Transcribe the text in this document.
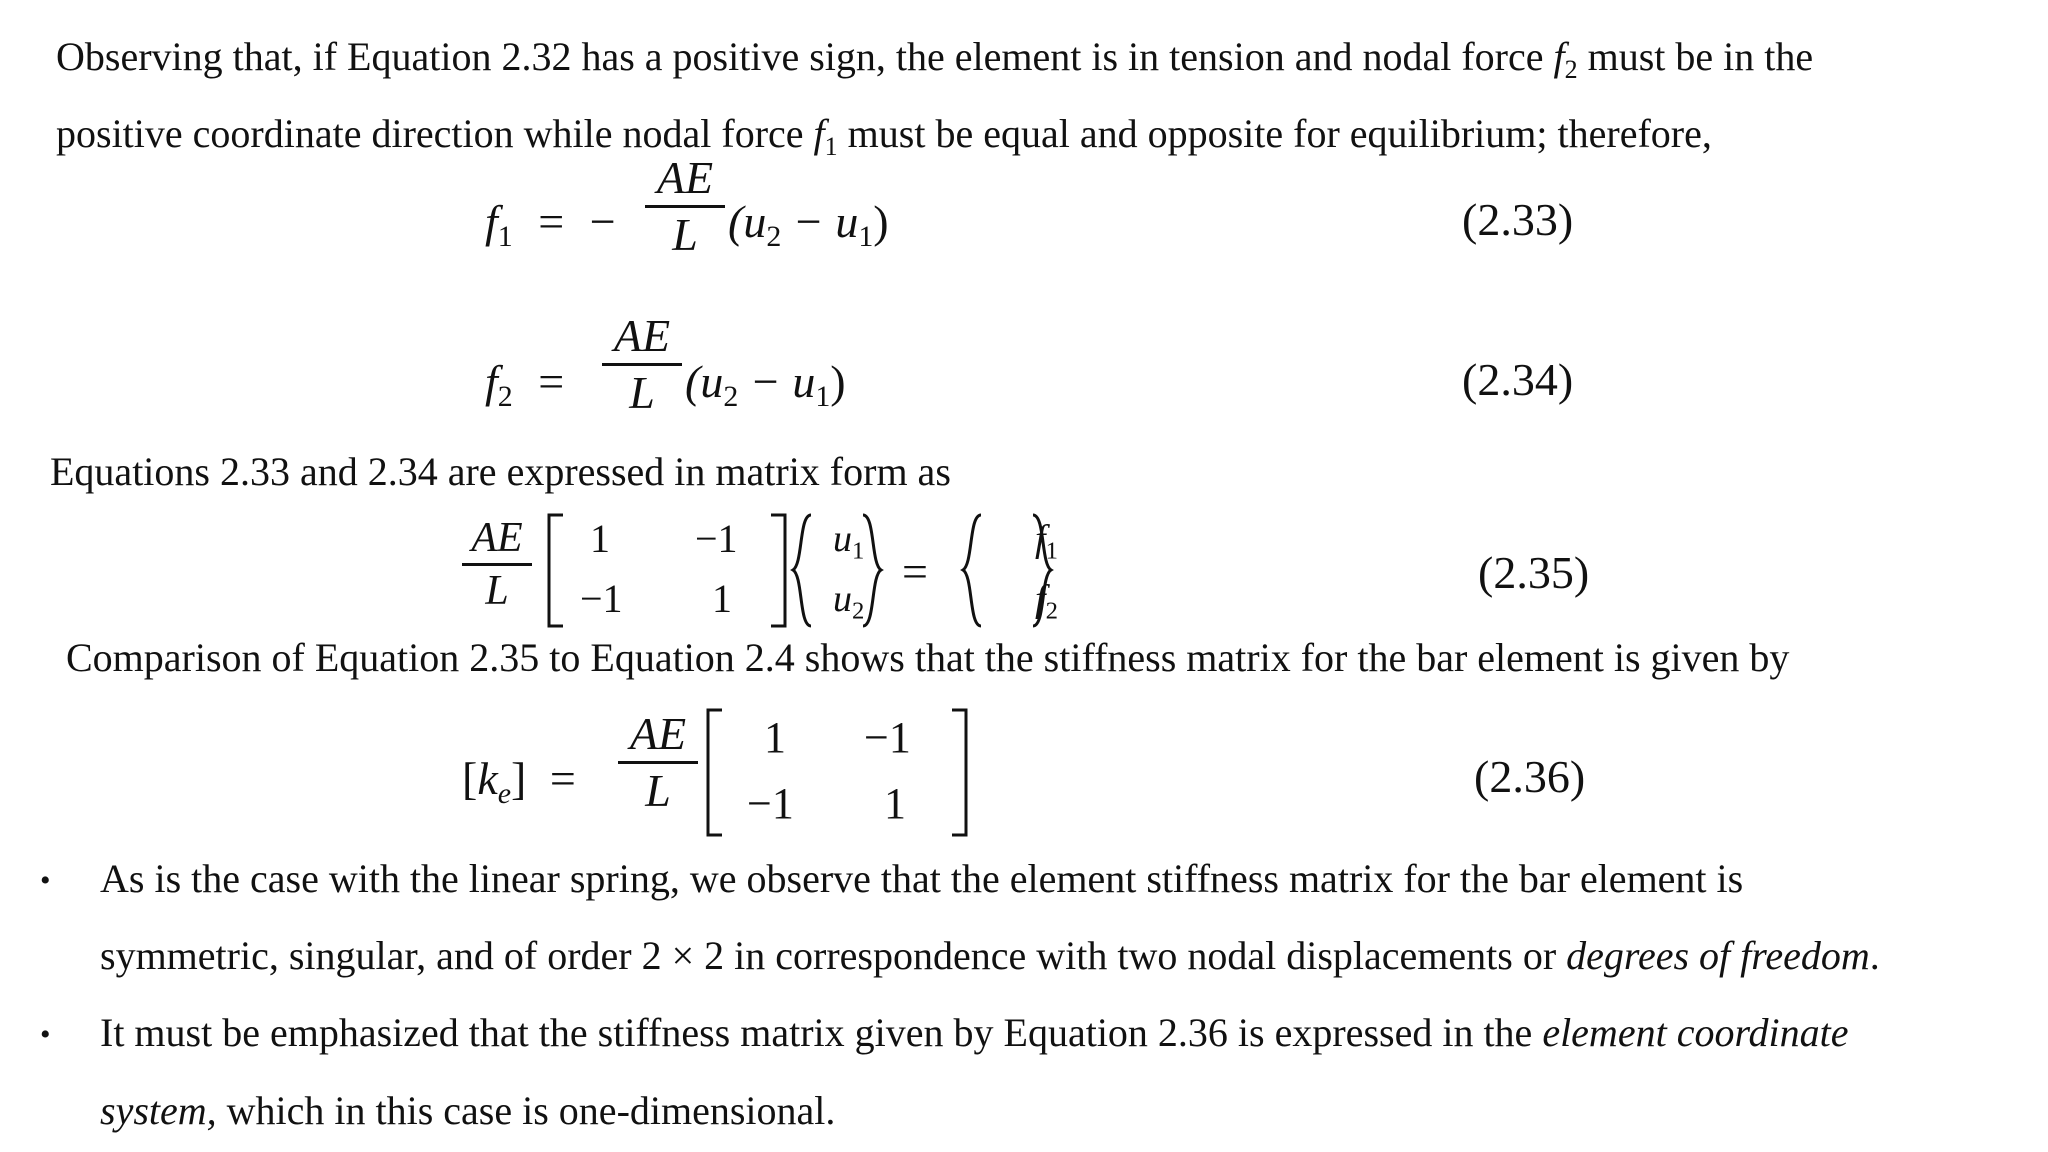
Observing that, if Equation 2.32 has a positive sign, the element is in tension and nodal force $f_2$ must be in the
positive coordinate direction while nodal force $f_1$ must be equal and opposite for equilibrium; therefore,
$f_1$ = −
AE
L $(u_2 - u_1)$	(2.33)
$f_2$ =
AE
L $(u_2 - u_1)$	(2.34)
Equations 2.33 and 2.34 are expressed in matrix form as
AE
L
1 −1
−1 1
$u_1$
$u_2$
=
$f_1$
$f_2$
(2.35)
Comparison of Equation 2.35 to Equation 2.4 shows that the stiffness matrix for the bar element is given by
$[k_e]$ =
AE
L
1 −1
−1 1
(2.36)
• As is the case with the linear spring, we observe that the element stiffness matrix for the bar element is
symmetric, singular, and of order 2 × 2 in correspondence with two nodal displacements or degrees of freedom.
• It must be emphasized that the stiffness matrix given by Equation 2.36 is expressed in the element coordinate
system, which in this case is one-dimensional.
